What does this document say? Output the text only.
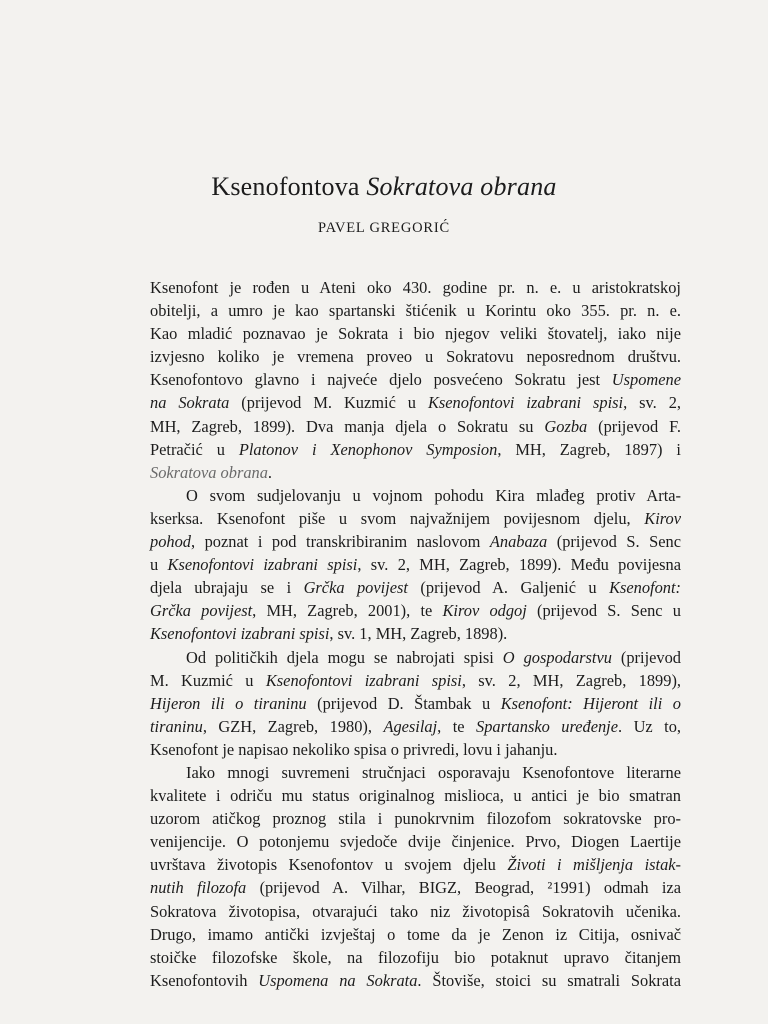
Ksenofontova Sokratova obrana
PAVEL GREGORIĆ
Ksenofont je rođen u Ateni oko 430. godine pr. n. e. u aristokratskoj
obitelji, a umro je kao spartanski štićenik u Korintu oko 355. pr. n. e.
Kao mladić poznavao je Sokrata i bio njegov veliki štovatelj, iako nije
izvjesno koliko je vremena proveo u Sokratovu neposrednom društvu.
Ksenofontovo glavno i najveće djelo posvećeno Sokratu jest Uspomene
na Sokrata (prijevod M. Kuzmić u Ksenofontovi izabrani spisi, sv. 2,
MH, Zagreb, 1899). Dva manja djela o Sokratu su Gozba (prijevod F.
Petračić u Platonov i Xenophonov Symposion, MH, Zagreb, 1897) i
Sokratova obrana.
O svom sudjelovanju u vojnom pohodu Kira mlađeg protiv Arta-
kserksa. Ksenofont piše u svom najvažnijem povijesnom djelu, Kirov
pohod, poznat i pod transkribiranim naslovom Anabaza (prijevod S. Senc
u Ksenofontovi izabrani spisi, sv. 2, MH, Zagreb, 1899). Među povijesna
djela ubrajaju se i Grčka povijest (prijevod A. Galjenić u Ksenofont:
Grčka povijest, MH, Zagreb, 2001), te Kirov odgoj (prijevod S. Senc u
Ksenofontovi izabrani spisi, sv. 1, MH, Zagreb, 1898).
Od političkih djela mogu se nabrojati spisi O gospodarstvu (prijevod
M. Kuzmić u Ksenofontovi izabrani spisi, sv. 2, MH, Zagreb, 1899),
Hijeron ili o tiraninu (prijevod D. Štambak u Ksenofont: Hijeront ili o
tiraninu, GZH, Zagreb, 1980), Agesilaj, te Spartansko uređenje. Uz to,
Ksenofont je napisao nekoliko spisa o privredi, lovu i jahanju.
Iako mnogi suvremeni stručnjaci osporavaju Ksenofontove literarne
kvalitete i odriču mu status originalnog mislioca, u antici je bio smatran
uzorom atičkog proznog stila i punokrvnim filozofom sokratovske pro-
venijencije. O potonjemu svjedoče dvije činjenice. Prvo, Diogen Laertije
uvrštava životopis Ksenofontov u svojem djelu Životi i mišljenja istak-
nutih filozofa (prijevod A. Vilhar, BIGZ, Beograd, ²1991) odmah iza
Sokratova životopisa, otvarajući tako niz životopisâ Sokratovih učenika.
Drugo, imamo antički izvještaj o tome da je Zenon iz Citija, osnivač
stoičke filozofske škole, na filozofiju bio potaknut upravo čitanjem
Ksenofontovih Uspomena na Sokrata. Štoviše, stoici su smatrali Sokrata
